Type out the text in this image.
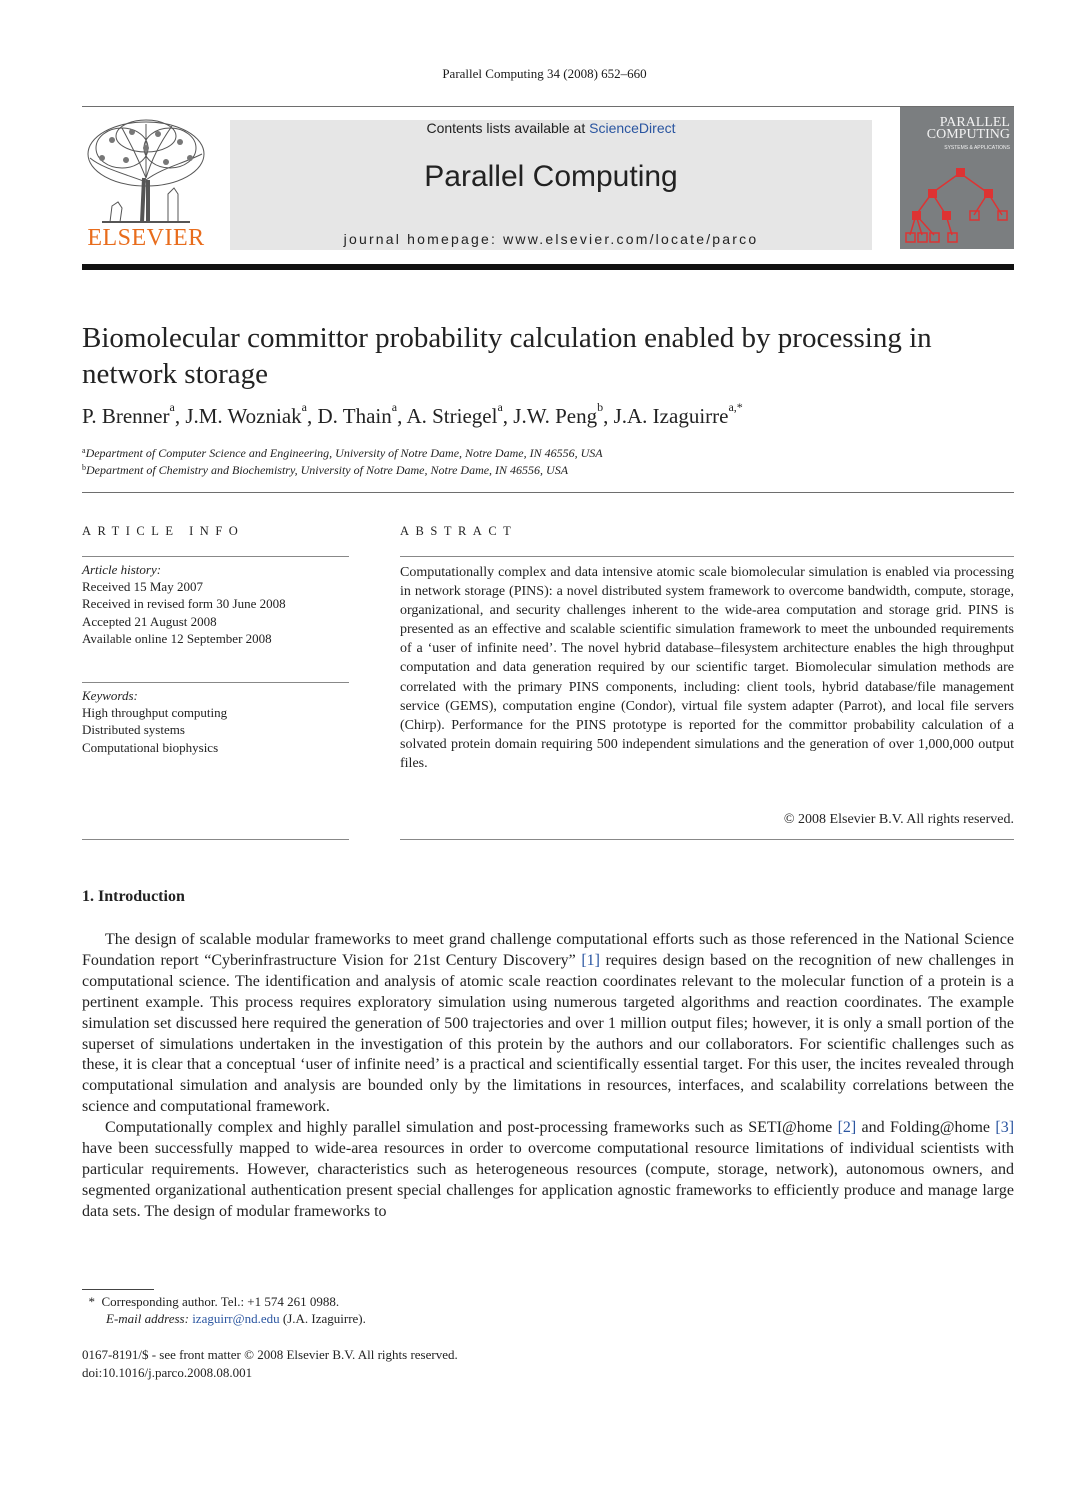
Parallel Computing 34 (2008) 652–660
ELSEVIER
Contents lists available at ScienceDirect
Parallel Computing
journal homepage: www.elsevier.com/locate/parco
PARALLEL
COMPUTING
SYSTEMS & APPLICATIONS
Biomolecular committor probability calculation enabled by processing in network storage
P. Brenner$^a$, J.M. Wozniak$^a$, D. Thain$^a$, A. Striegel$^a$, J.W. Peng$^b$, J.A. Izaguirre$^{a,*}$
$^a$Department of Computer Science and Engineering, University of Notre Dame, Notre Dame, IN 46556, USA
$^b$Department of Chemistry and Biochemistry, University of Notre Dame, Notre Dame, IN 46556, USA
ARTICLE INFO
Article history:
Received 15 May 2007
Received in revised form 30 June 2008
Accepted 21 August 2008
Available online 12 September 2008
Keywords:
High throughput computing
Distributed systems
Computational biophysics
ABSTRACT
Computationally complex and data intensive atomic scale biomolecular simulation is enabled via processing in network storage (PINS): a novel distributed system framework to overcome bandwidth, compute, storage, organizational, and security challenges inherent to the wide-area computation and storage grid. PINS is presented as an effective and scalable scientific simulation framework to meet the unbounded requirements of a ‘user of infinite need’. The novel hybrid database–filesystem architecture enables the high throughput computation and data generation required by our scientific target. Biomolecular simulation methods are correlated with the primary PINS components, including: client tools, hybrid database/file management service (GEMS), computation engine (Condor), virtual file system adapter (Parrot), and local file servers (Chirp). Performance for the PINS prototype is reported for the committor probability calculation of a solvated protein domain requiring 500 independent simulations and the generation of over 1,000,000 output files.
© 2008 Elsevier B.V. All rights reserved.
1. Introduction

The design of scalable modular frameworks to meet grand challenge computational efforts such as those referenced in the National Science Foundation report “Cyberinfrastructure Vision for 21st Century Discovery” [1] requires design based on the recognition of new challenges in computational science. The identification and analysis of atomic scale reaction coordinates relevant to the molecular function of a protein is a pertinent example. This process requires exploratory simulation using numerous targeted algorithms and reaction coordinates. The example simulation set discussed here required the generation of 500 trajectories and over 1 million output files; however, it is only a small portion of the superset of simulations undertaken in the investigation of this protein by the authors and our collaborators. For scientific challenges such as these, it is clear that a conceptual ‘user of infinite need’ is a practical and scientifically essential target. For this user, the incites revealed through computational simulation and analysis are bounded only by the limitations in resources, interfaces, and scalability correlations between the science and computational framework.

Computationally complex and highly parallel simulation and post-processing frameworks such as SETI@home [2] and Folding@home [3] have been successfully mapped to wide-area resources in order to overcome computational resource limitations of individual scientists with particular requirements. However, characteristics such as heterogeneous resources (compute, storage, network), autonomous owners, and segmented organizational authentication present special challenges for application agnostic frameworks to efficiently produce and manage large data sets. The design of modular frameworks to

* Corresponding author. Tel.: +1 574 261 0988.
E-mail address: izaguirr@nd.edu (J.A. Izaguirre).
0167-8191/$ - see front matter © 2008 Elsevier B.V. All rights reserved.
doi:10.1016/j.parco.2008.08.001
